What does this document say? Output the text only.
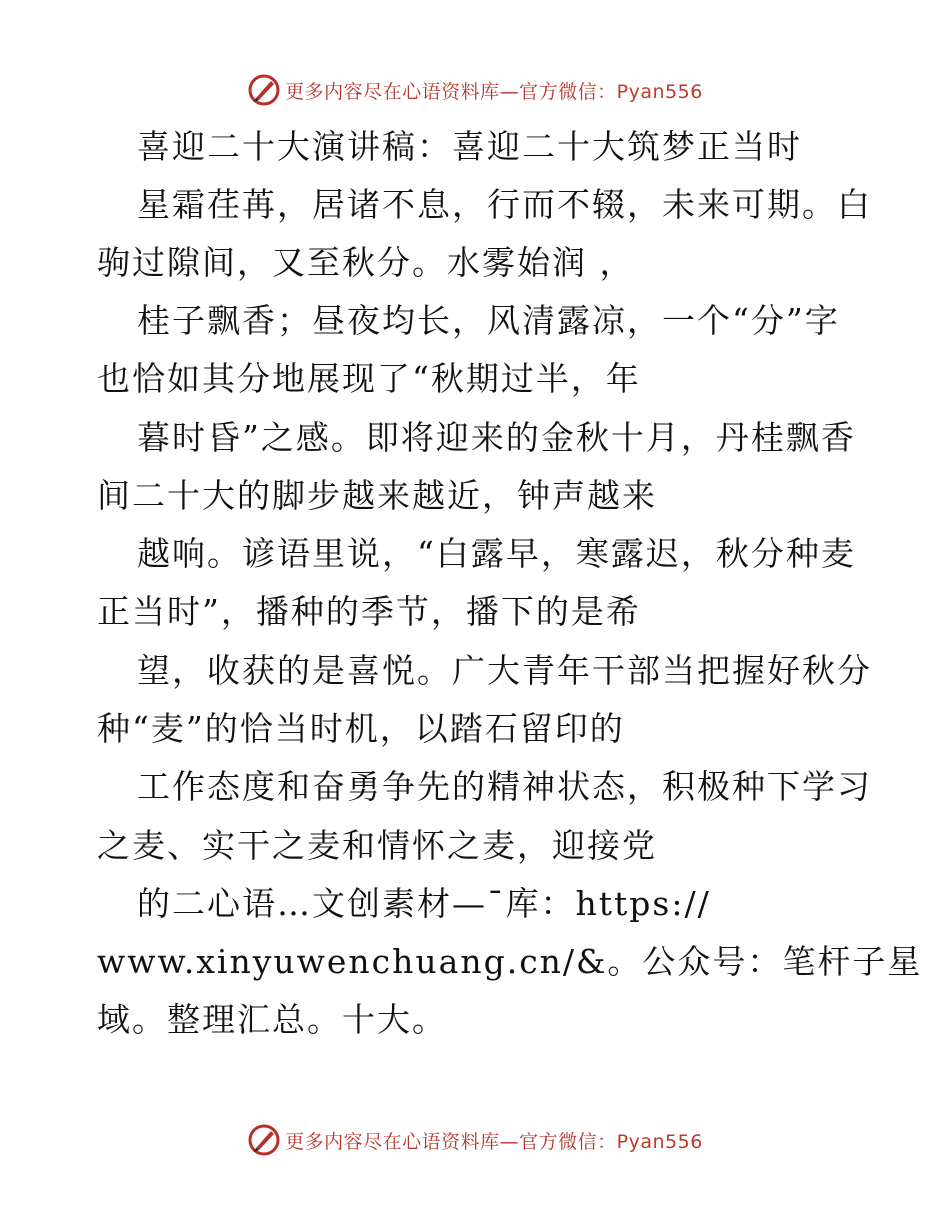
更多内容尽在心语资料库—官方微信：Pyan556
喜迎二十大演讲稿：喜迎二十大筑梦正当时
星霜荏苒，居诸不息，行而不辍，未来可期。白
驹过隙间，又至秋分。水雾始润 ，
桂子飘香；昼夜均长，风清露凉，一个“分”字
也恰如其分地展现了“秋期过半，年
暮时昏”之感。即将迎来的金秋十月，丹桂飘香
间二十大的脚步越来越近，钟声越来
越响。谚语里说，“白露早，寒露迟，秋分种麦
正当时”，播种的季节，播下的是希
望，收获的是喜悦。广大青年干部当把握好秋分
种“麦”的恰当时机，以踏石留印的
工作态度和奋勇争先的精神状态，积极种下学习
之麦、实干之麦和情怀之麦，迎接党
的二心语…文创素材—¯库：https://
www.xinyuwenchuang.cn/&。公众号：笔杆子星
域。整理汇总。十大。
更多内容尽在心语资料库—官方微信：Pyan556
